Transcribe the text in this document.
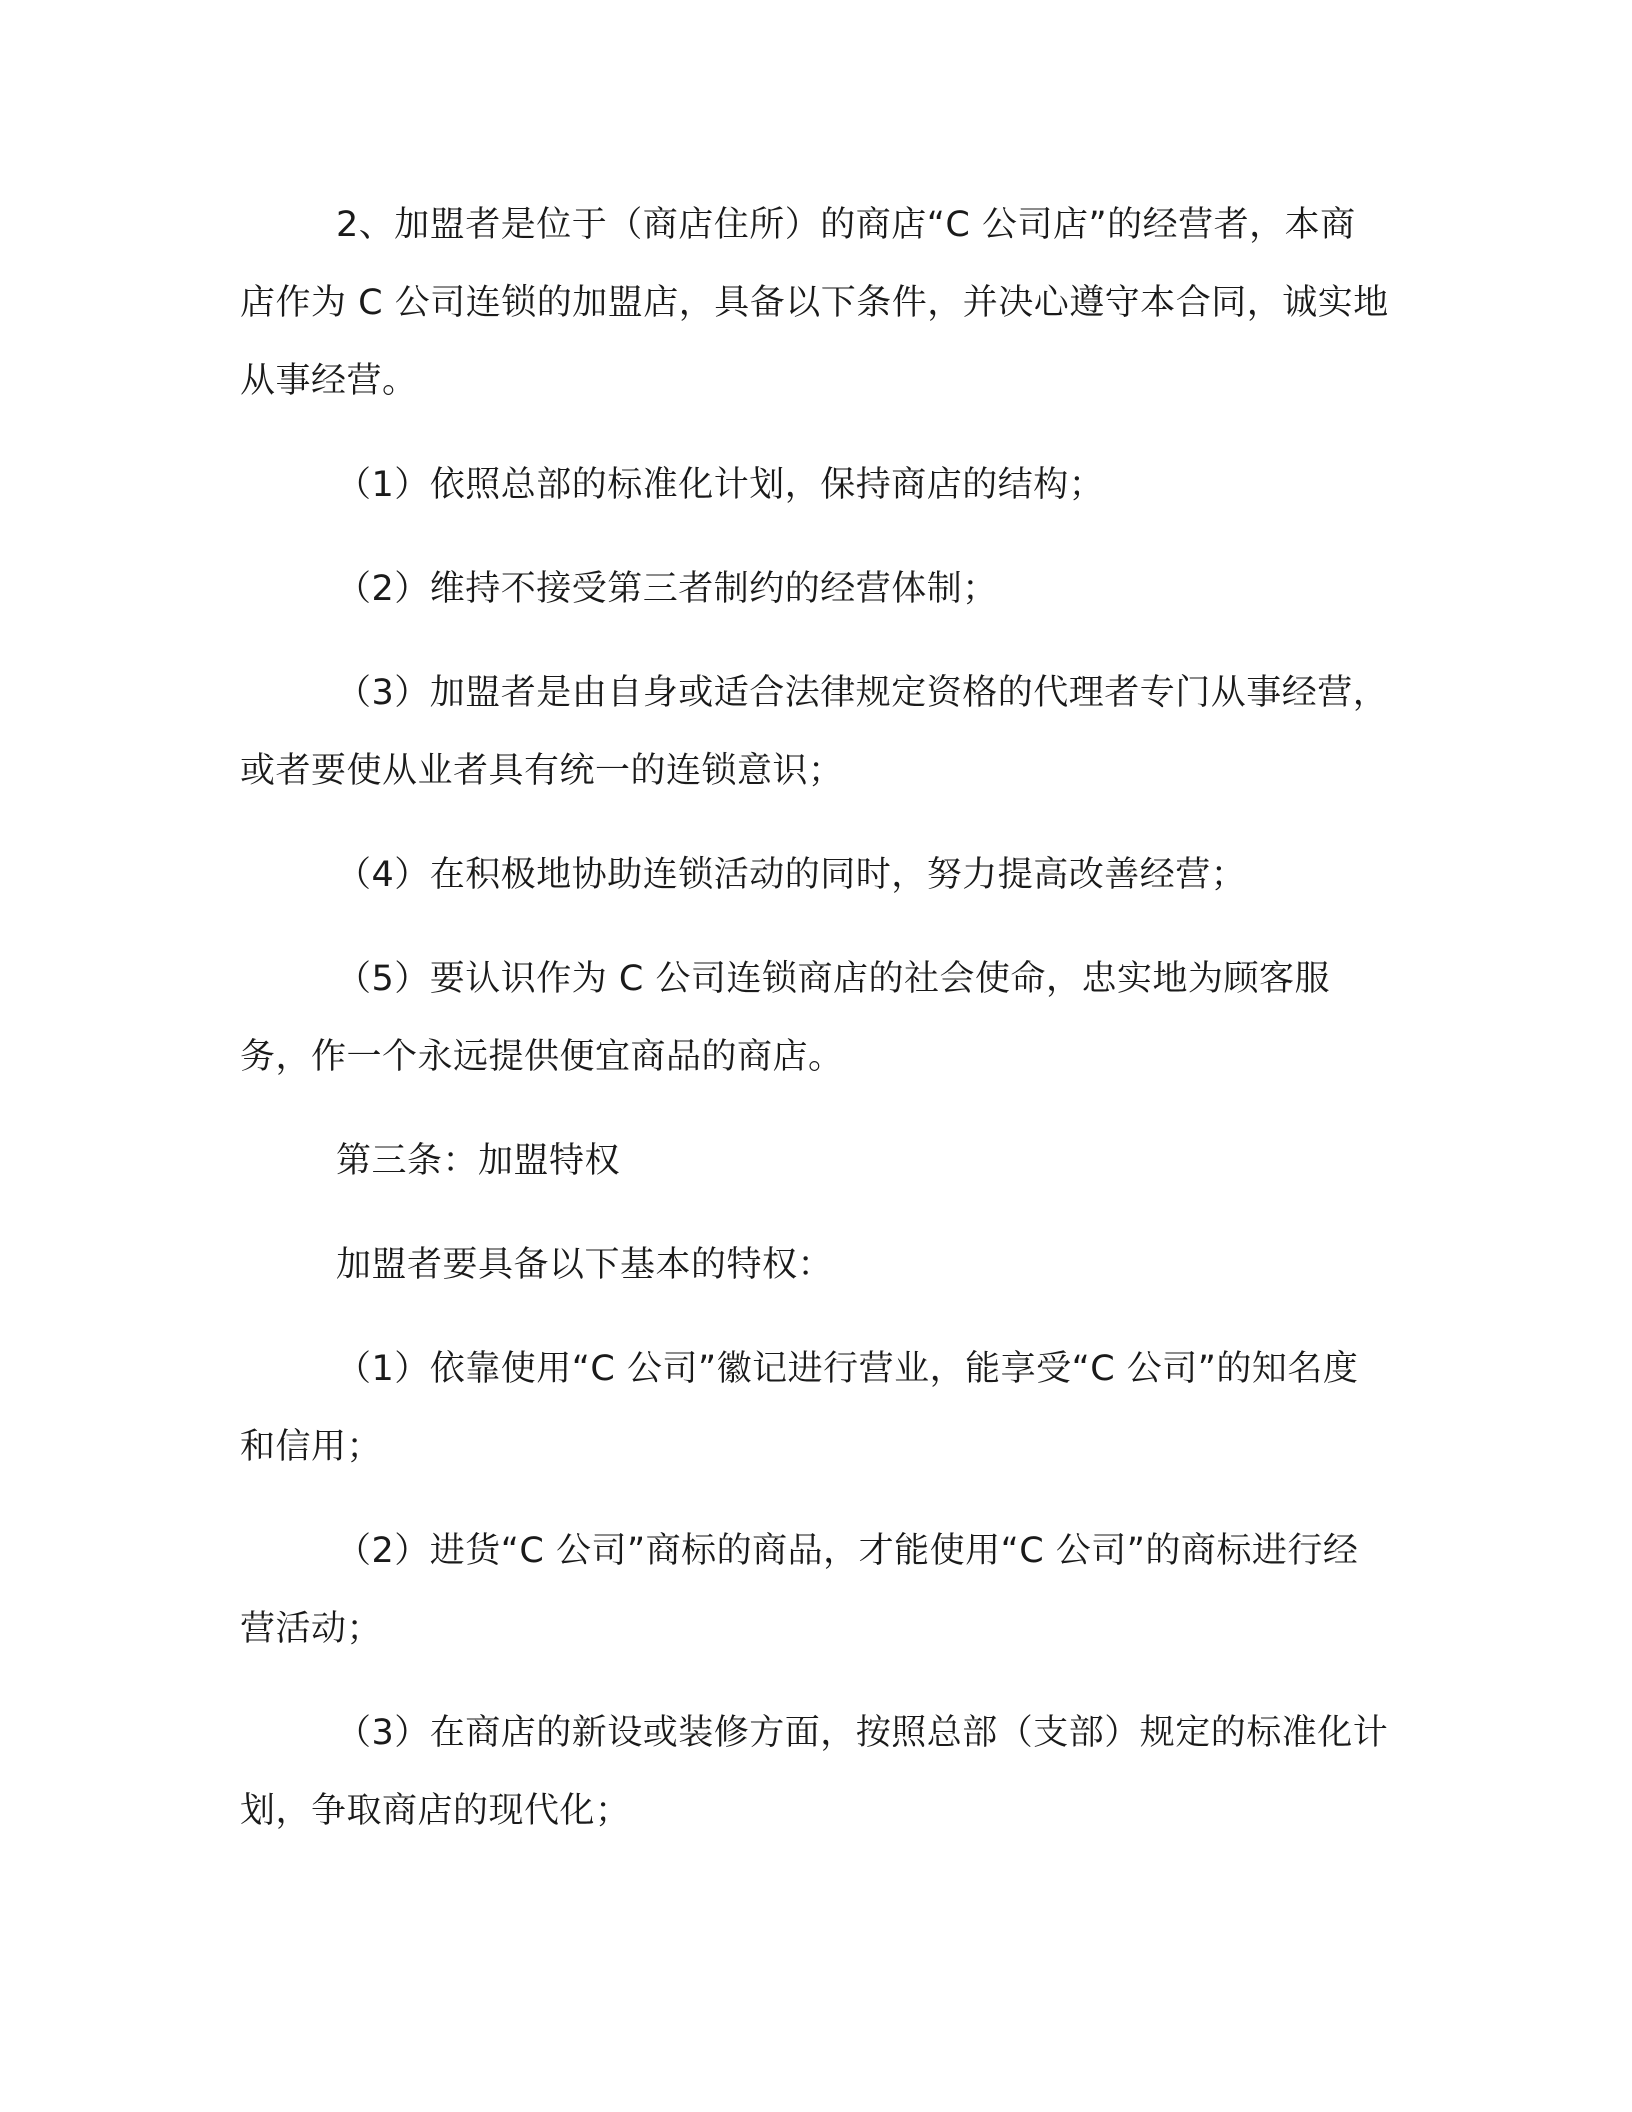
2、加盟者是位于（商店住所）的商店“C 公司店”的经营者，本商店作为 C 公司连锁的加盟店，具备以下条件，并决心遵守本合同，诚实地从事经营。

（1）依照总部的标准化计划，保持商店的结构；

（2）维持不接受第三者制约的经营体制；

（3）加盟者是由自身或适合法律规定资格的代理者专门从事经营，或者要使从业者具有统一的连锁意识；

（4）在积极地协助连锁活动的同时，努力提高改善经营；

（5）要认识作为 C 公司连锁商店的社会使命，忠实地为顾客服务，作一个永远提供便宜商品的商店。

第三条：加盟特权

加盟者要具备以下基本的特权：

（1）依靠使用“C 公司”徽记进行营业，能享受“C 公司”的知名度和信用；

（2）进货“C 公司”商标的商品，才能使用“C 公司”的商标进行经营活动；

（3）在商店的新设或装修方面，按照总部（支部）规定的标准化计划，争取商店的现代化；
